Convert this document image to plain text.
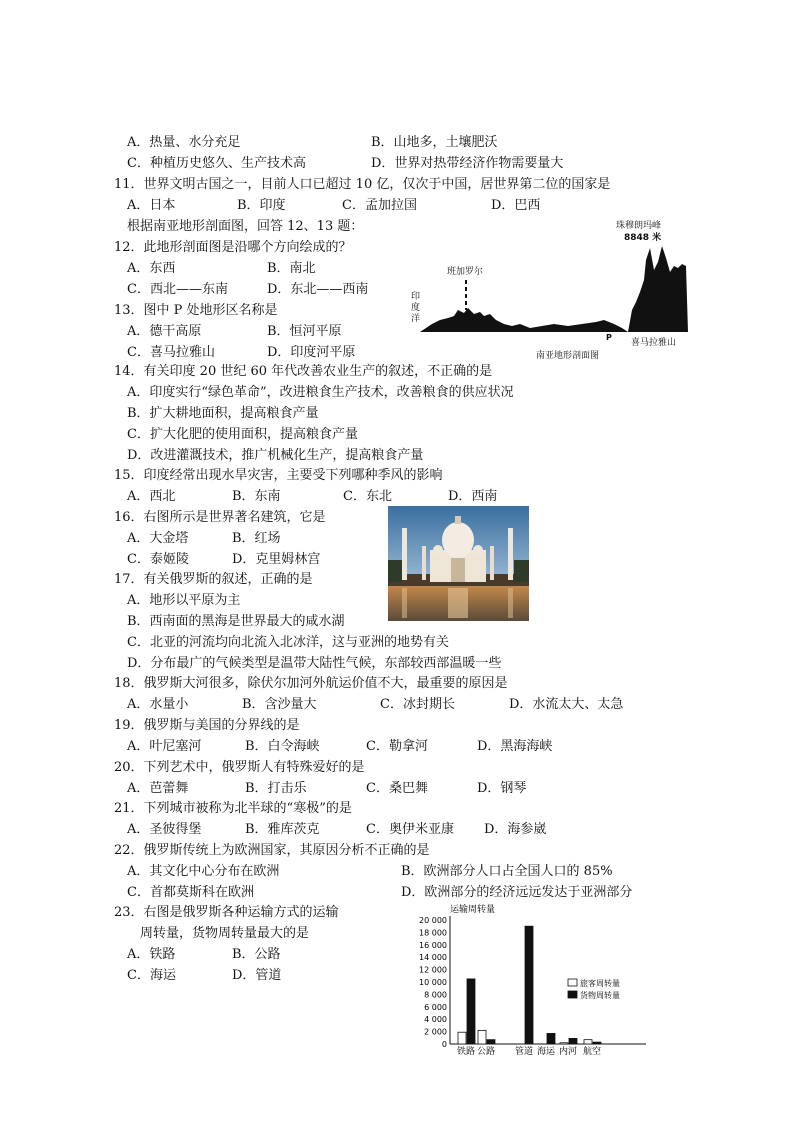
A．热量、水分充足	B．山地多，土壤肥沃
C．种植历史悠久、生产技术高	D．世界对热带经济作物需要量大
11．世界文明古国之一，目前人口已超过 10 亿，仅次于中国，居世界第二位的国家是
A．日本	B．印度	C．孟加拉国	D．巴西
根据南亚地形剖面图，回答 12、13 题：
12．此地形剖面图是沿哪个方向绘成的？
A．东西	B．南北
C．西北——东南	D．东北——西南
13．图中 P 处地形区名称是
A．德干高原	B．恒河平原
C．喜马拉雅山	D．印度河平原
14．有关印度 20 世纪 60 年代改善农业生产的叙述，不正确的是
A．印度实行“绿色革命”，改进粮食生产技术，改善粮食的供应状况
B．扩大耕地面积，提高粮食产量
C．扩大化肥的使用面积，提高粮食产量
D．改进灌溉技术，推广机械化生产，提高粮食产量
15．印度经常出现水旱灾害，主要受下列哪种季风的影响
A．西北	B．东南	C．东北	D．西南
16．右图所示是世界著名建筑，它是
A．大金塔	B．红场
C．泰姬陵	D．克里姆林宫
17．有关俄罗斯的叙述，正确的是
A．地形以平原为主
B．西南面的黑海是世界最大的咸水湖
C．北亚的河流均向北流入北冰洋，这与亚洲的地势有关
D．分布最广的气候类型是温带大陆性气候，东部较西部温暖一些
18．俄罗斯大河很多，除伏尔加河外航运价值不大，最重要的原因是
A．水量小	B．含沙量大	C．冰封期长	D．水流太大、太急
19．俄罗斯与美国的分界线的是
A．叶尼塞河	B．白令海峡	C．勒拿河	D．黑海海峡
20．下列艺术中，俄罗斯人有特殊爱好的是
A．芭蕾舞	B．打击乐	C．桑巴舞	D．钢琴
21．下列城市被称为北半球的“寒极”的是
A．圣彼得堡	B．雅库茨克	C．奥伊米亚康 D．海参崴
22．俄罗斯传统上为欧洲国家，其原因分析不正确的是
A．其文化中心分布在欧洲	B．欧洲部分人口占全国人口的 85%
C．首都莫斯科在欧洲	D．欧洲部分的经济远远发达于亚洲部分
23．右图是俄罗斯各种运输方式的运输
周转量，货物周转量最大的是
A．铁路	B．公路
C．海运	D．管道
珠穆朗玛峰
8848 米
班加罗尔
印度洋
P
喜马拉雅山
南亚地形剖面图
运输周转量
0
2 000
4 000
6 000
8 000
10 000
12 000
14 000
16 000
18 000
20 000
铁路 公路 管道 海运 内河 航空
旅客周转量
货物周转量
